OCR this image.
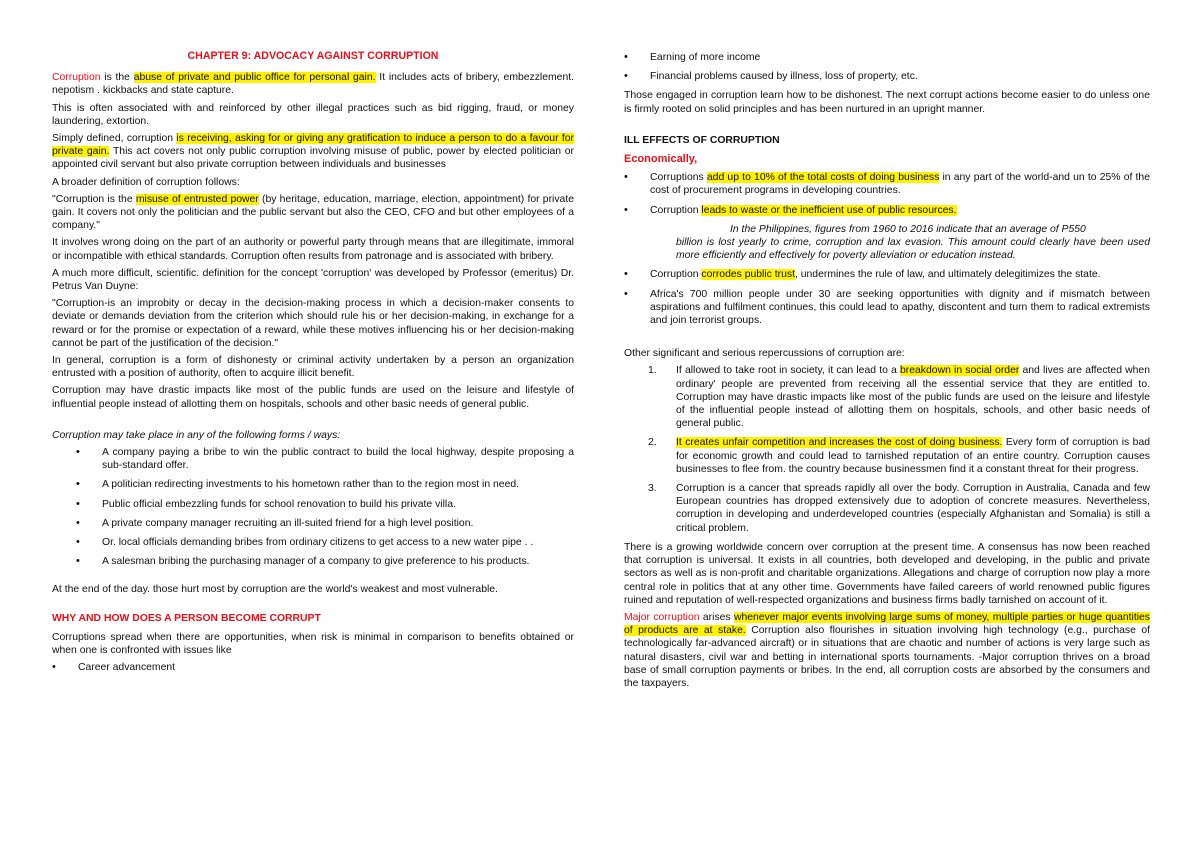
CHAPTER 9: ADVOCACY AGAINST CORRUPTION

Corruption is the abuse of private and public office for personal gain. It includes acts of bribery, embezzlement. nepotism . kickbacks and state capture.

This is often associated with and reinforced by other illegal practices such as bid rigging, fraud, or money laundering, extortion.

Simply defined, corruption is receiving, asking for or giving any gratification to induce a person to do a favour for private gain. This act covers not only public corruption involving misuse of public, power by elected politician or appointed civil servant but also private corruption between individuals and businesses

A broader definition of corruption follows:

"Corruption is the misuse of entrusted power (by heritage, education, marriage, election, appointment) for private gain. It covers not only the politician and the public servant but also the CEO, CFO and but other employees of a company."

It involves wrong doing on the part of an authority or powerful party through means that are illegitimate, immoral or incompatible with ethical standards. Corruption often results from patronage and is associated with bribery.

A much more difficult, scientific. definition for the concept 'corruption' was developed by Professor (emeritus) Dr. Petrus Van Duyne:

"Corruption-is an improbity or decay in the decision-making process in which a decision-maker consents to deviate or demands deviation from the criterion which should rule his or her decision-making, in exchange for a reward or for the promise or expectation of a reward, while these motives influencing his or her decision-making cannot be part of the justification of the decision."

In general, corruption is a form of dishonesty or criminal activity undertaken by a person an organization entrusted with a position of authority, often to acquire illicit benefit.

Corruption may have drastic impacts like most of the public funds are used on the leisure and lifestyle of influential people instead of allotting them on hospitals, schools and other basic needs of general public.

Corruption may take place in any of the following forms / ways:

• A company paying a bribe to win the public contract to build the local highway, despite proposing a sub-standard offer.
• A politician redirecting investments to his hometown rather than to the region most in need.
• Public official embezzling funds for school renovation to build his private villa.
• A private company manager recruiting an ill-suited friend for a high level position.
• Or. local officials demanding bribes from ordinary citizens to get access to a new water pipe . .
• A salesman bribing the purchasing manager of a company to give preference to his products.

At the end of the day. those hurt most by corruption are the world's weakest and most vulnerable.

WHY AND HOW DOES A PERSON BECOME CORRUPT

Corruptions spread when there are opportunities, when risk is minimal in comparison to benefits obtained or when one is confronted with issues like

• Career advancement
• Earning of more income
• Financial problems caused by illness, loss of property, etc.

Those engaged in corruption learn how to be dishonest. The next corrupt actions become easier to do unless one is firmly rooted on solid principles and has been nurtured in an upright manner.

ILL EFFECTS OF CORRUPTION
Economically,
• Corruptions add up to 10% of the total costs of doing business in any part of the world-and un to 25% of the cost of procurement programs in developing countries.
• Corruption leads to waste or the inefficient use of public resources.
In the Philippines, figures from 1960 to 2016 indicate that an average of P550
billion is lost yearly to crime, corruption and lax evasion. This amount could clearly have been used more efficiently and effectively for poverty alleviation or education instead.
• Corruption corrodes public trust, undermines the rule of law, and ultimately delegitimizes the state.
• Africa's 700 million people under 30 are seeking opportunities with dignity and if mismatch between aspirations and fulfilment continues, this could lead to apathy, discontent and turn them to radical extremists and join terrorist groups.

Other significant and serious repercussions of corruption are:

1. If allowed to take root in society, it can lead to a breakdown in social order and lives are affected when ordinary' people are prevented from receiving all the essential service that they are entitled to. Corruption may have drastic impacts like most of the public funds are used on the leisure and lifestyle of the influential people instead of allotting them on hospitals, schools, and other basic needs of general public.
2. It creates unfair competition and increases the cost of doing business. Every form of corruption is bad for economic growth and could lead to tarnished reputation of an entire country. Corruption causes businesses to flee from. the country because businessmen find it a constant threat for their progress.
3. Corruption is a cancer that spreads rapidly all over the body. Corruption in Australia, Canada and few European countries has dropped extensively due to adoption of concrete measures. Nevertheless, corruption in developing and underdeveloped countries (especially Afghanistan and Somalia) is still a critical problem.

There is a growing worldwide concern over corruption at the present time. A consensus has now been reached that corruption is universal. It exists in all countries, both developed and developing, in the public and private sectors as well as is non-profit and charitable organizations. Allegations and charge of corruption now play a more central role in politics that at any other time. Governments have failed careers of world renowned public figures ruined and reputation of well-respected organizations and business firms badly tarnished on account of it.

Major corruption arises whenever major events involving large sums of money, multiple parties or huge quantities of products are at stake. Corruption also flourishes in situation involving high technology (e.g., purchase of technologically far-advanced aircraft) or in situations that are chaotic and number of actions is very large such as natural disasters, civil war and betting in international sports tournaments. -Major corruption thrives on a broad base of small corruption payments or bribes. In the end, all corruption costs are absorbed by the consumers and the taxpayers.
